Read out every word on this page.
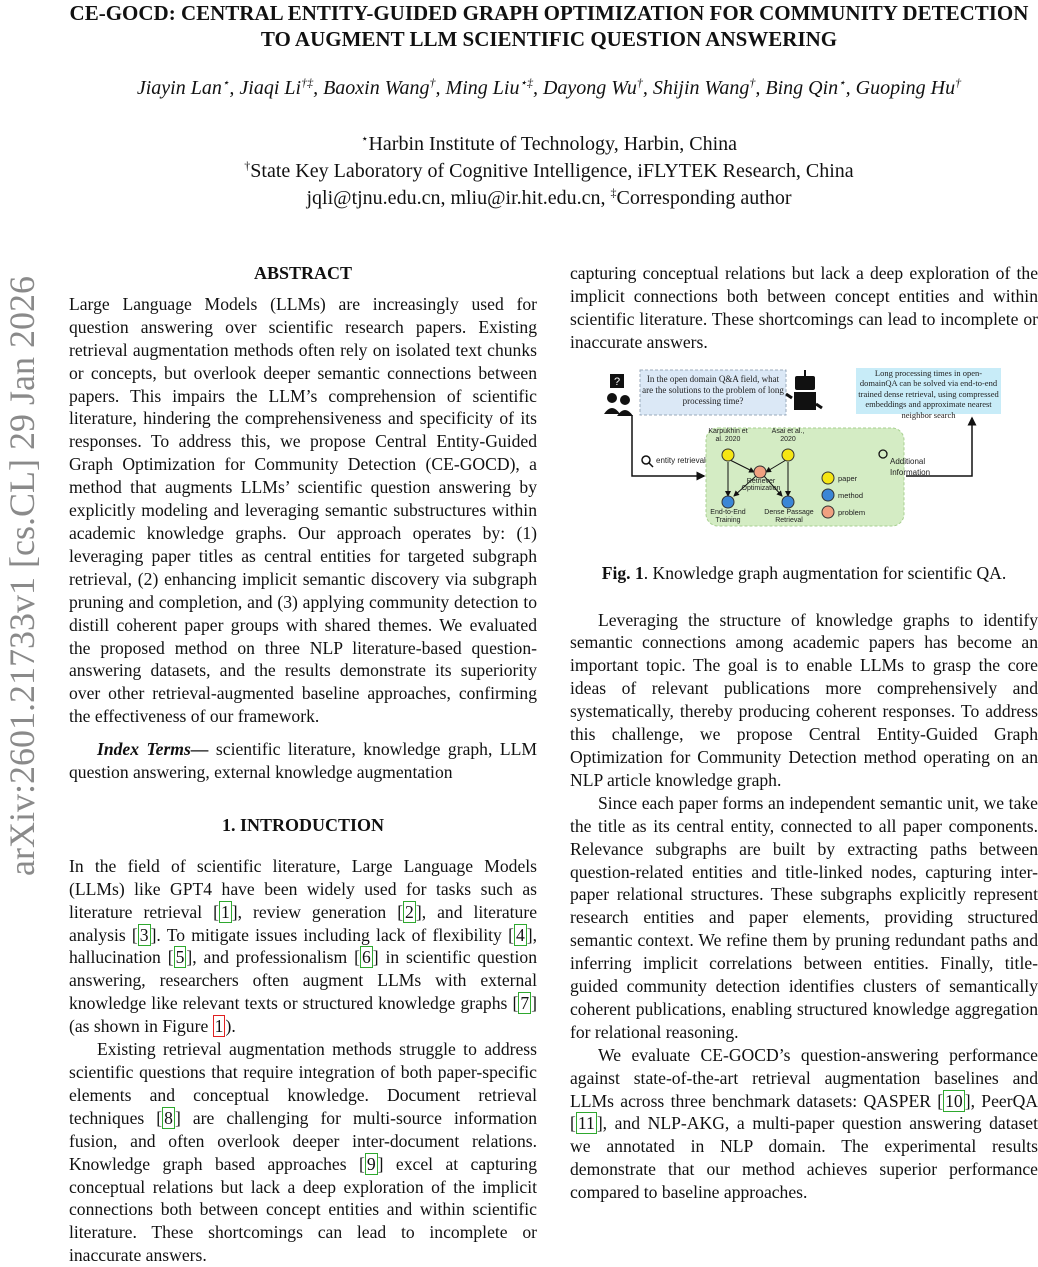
arXiv:2601.21733v1 [cs.CL] 29 Jan 2026
CE-GOCD: CENTRAL ENTITY-GUIDED GRAPH OPTIMIZATION FOR COMMUNITY DETECTION TO AUGMENT LLM SCIENTIFIC QUESTION ANSWERING
Jiayin Lan⋆, Jiaqi Li†‡, Baoxin Wang†, Ming Liu⋆‡, Dayong Wu†, Shijin Wang†, Bing Qin⋆, Guoping Hu†
⋆Harbin Institute of Technology, Harbin, China
†State Key Laboratory of Cognitive Intelligence, iFLYTEK Research, China
jqli@tjnu.edu.cn, mliu@ir.hit.edu.cn, ‡Corresponding author

ABSTRACT

Large Language Models (LLMs) are increasingly used for question answering over scientific research papers. Existing retrieval augmentation methods often rely on isolated text chunks or concepts, but overlook deeper semantic connections between papers. This impairs the LLM’s comprehension of scientific literature, hindering the comprehensiveness and specificity of its responses. To address this, we propose Central Entity-Guided Graph Optimization for Community Detection (CE-GOCD), a method that augments LLMs’ scientific question answering by explicitly modeling and leveraging semantic substructures within academic knowledge graphs. Our approach operates by: (1) leveraging paper titles as central entities for targeted subgraph retrieval, (2) enhancing implicit semantic discovery via subgraph pruning and completion, and (3) applying community detection to distill coherent paper groups with shared themes. We evaluated the proposed method on three NLP literature-based question-answering datasets, and the results demonstrate its superiority over other retrieval-augmented baseline approaches, confirming the effectiveness of our framework.

Index Terms— scientific literature, knowledge graph, LLM question answering, external knowledge augmentation

1. INTRODUCTION

In the field of scientific literature, Large Language Models (LLMs) like GPT4 have been widely used for tasks such as literature retrieval [ 1 ], review generation [ 2 ], and literature analysis [ 3 ]. To mitigate issues including lack of flexibility [ 4 ], hallucination [ 5 ], and professionalism [ 6 ] in scientific question answering, researchers often augment LLMs with external knowledge like relevant texts or structured knowledge graphs [ 7 ] (as shown in Figure 1 ).

Existing retrieval augmentation methods struggle to address scientific questions that require integration of both paper-specific elements and conceptual knowledge. Document retrieval techniques [ 8 ] are challenging for multi-source information fusion, and often overlook deeper inter-document relations. Knowledge graph based approaches [ 9 ] excel at capturing conceptual relations but lack a deep exploration of the implicit connections both between concept entities and within scientific literature. These shortcomings can lead to incomplete or inaccurate answers.

capturing conceptual relations but lack a deep exploration of the implicit connections both between concept entities and within scientific literature. These shortcomings can lead to incomplete or inaccurate answers.

?	In the open domain Q&A field, what are the solutions to the problem of long processing time?
Long processing times in open-domainQA can be solved via end-to-end trained dense retrieval, using compressed embeddings and approximate nearest neighbor search
entity retrieval	Additional Information
Karpukhin et al. 2020
Asai et al., 2020
Retriever Optimization
End-to-End Training
Dense Passage Retrieval
paper
method
problem

Fig. 1. Knowledge graph augmentation for scientific QA.

Leveraging the structure of knowledge graphs to identify semantic connections among academic papers has become an important topic. The goal is to enable LLMs to grasp the core ideas of relevant publications more comprehensively and systematically, thereby producing coherent responses. To address this challenge, we propose Central Entity-Guided Graph Optimization for Community Detection method operating on an NLP article knowledge graph.

Since each paper forms an independent semantic unit, we take the title as its central entity, connected to all paper components. Relevance subgraphs are built by extracting paths between question-related entities and title-linked nodes, capturing inter-paper relational structures. These subgraphs explicitly represent research entities and paper elements, providing structured semantic context. We refine them by pruning redundant paths and inferring implicit correlations between entities. Finally, title-guided community detection identifies clusters of semantically coherent publications, enabling structured knowledge aggregation for relational reasoning.

We evaluate CE-GOCD’s question-answering performance against state-of-the-art retrieval augmentation baselines and LLMs across three benchmark datasets: QASPER [ 10 ], PeerQA [ 11 ], and NLP-AKG, a multi-paper question answering dataset we annotated in NLP domain. The experimental results demonstrate that our method achieves superior performance compared to baseline approaches.
